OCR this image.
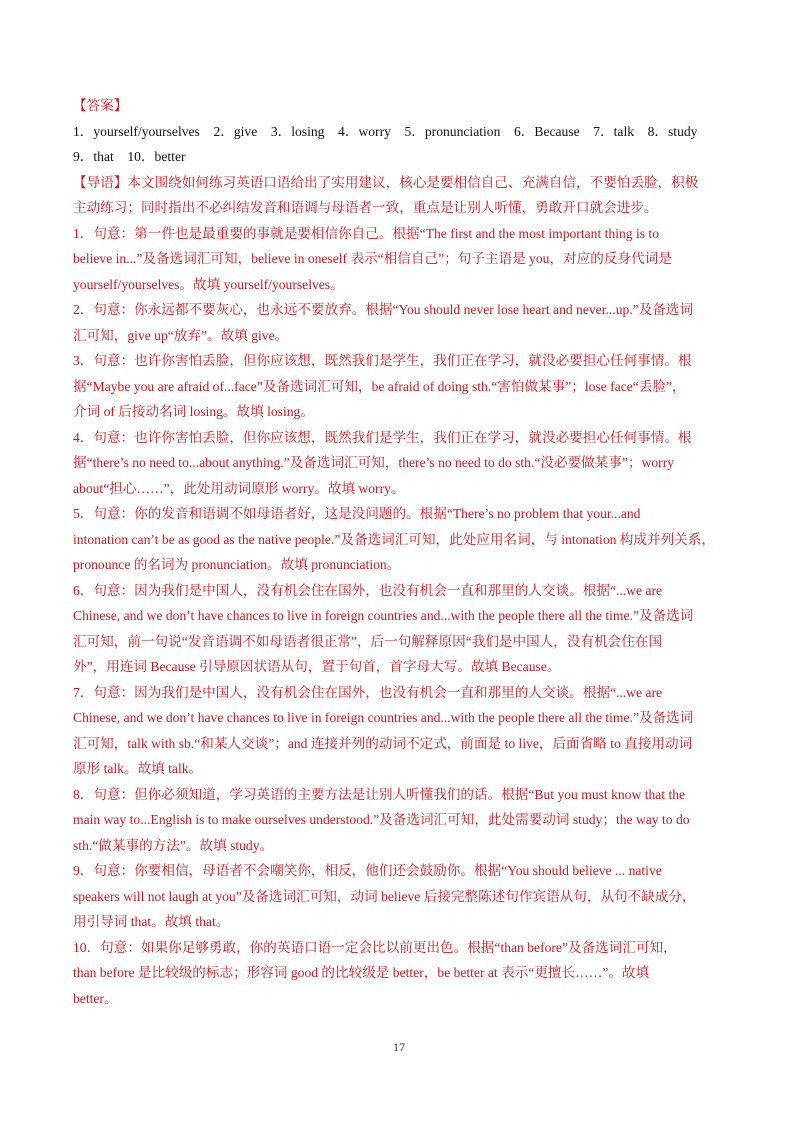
【答案】
1．yourself/yourselves　2．give　3．losing　4．worry　5．pronunciation　6．Because　7．talk　8．study
9．that　10．better
【导语】本文围绕如何练习英语口语给出了实用建议，核心是要相信自己、充满自信，不要怕丢脸，积极
主动练习；同时指出不必纠结发音和语调与母语者一致，重点是让别人听懂，勇敢开口就会进步。
1．句意：第一件也是最重要的事就是要相信你自己。根据“The first and the most important thing is to
believe in...”及备选词汇可知，believe in oneself 表示“相信自己”；句子主语是 you，对应的反身代词是
yourself/yourselves。故填 yourself/yourselves。
2．句意：你永远都不要灰心，也永远不要放弃。根据“You should never lose heart and never...up.”及备选词
汇可知，give up“放弃”。故填 give。
3．句意：也许你害怕丢脸，但你应该想，既然我们是学生，我们正在学习，就没必要担心任何事情。根
据“Maybe you are afraid of...face”及备选词汇可知，be afraid of doing sth.“害怕做某事”；lose face“丢脸”，
介词 of 后接动名词 losing。故填 losing。
4．句意：也许你害怕丢脸，但你应该想，既然我们是学生，我们正在学习，就没必要担心任何事情。根
据“there’s no need to...about anything.”及备选词汇可知，there’s no need to do sth.“没必要做某事”；worry
about“担心……”，此处用动词原形 worry。故填 worry。
5．句意：你的发音和语调不如母语者好，这是没问题的。根据“There’s no problem that your...and
intonation can’t be as good as the native people.”及备选词汇可知，此处应用名词，与 intonation 构成并列关系，
pronounce 的名词为 pronunciation。故填 pronunciation。
6．句意：因为我们是中国人，没有机会住在国外，也没有机会一直和那里的人交谈。根据“...we are
Chinese, and we don’t have chances to live in foreign countries and...with the people there all the time.”及备选词
汇可知，前一句说“发音语调不如母语者很正常”，后一句解释原因“我们是中国人，没有机会住在国
外”，用连词 Because 引导原因状语从句，置于句首，首字母大写。故填 Because。
7．句意：因为我们是中国人，没有机会住在国外，也没有机会一直和那里的人交谈。根据“...we are
Chinese, and we don’t have chances to live in foreign countries and...with the people there all the time.”及备选词
汇可知，talk with sb.“和某人交谈”；and 连接并列的动词不定式，前面是 to live，后面省略 to 直接用动词
原形 talk。故填 talk。
8．句意：但你必须知道，学习英语的主要方法是让别人听懂我们的话。根据“But you must know that the
main way to...English is to make ourselves understood.”及备选词汇可知，此处需要动词 study；the way to do
sth.“做某事的方法”。故填 study。
9．句意：你要相信，母语者不会嘲笑你，相反，他们还会鼓励你。根据“You should believe ... native
speakers will not laugh at you”及备选词汇可知，动词 believe 后接完整陈述句作宾语从句，从句不缺成分，
用引导词 that。故填 that。
10．句意：如果你足够勇敢，你的英语口语一定会比以前更出色。根据“than before”及备选词汇可知，
than before 是比较级的标志；形容词 good 的比较级是 better，be better at 表示“更擅长……”。故填
better。
17
